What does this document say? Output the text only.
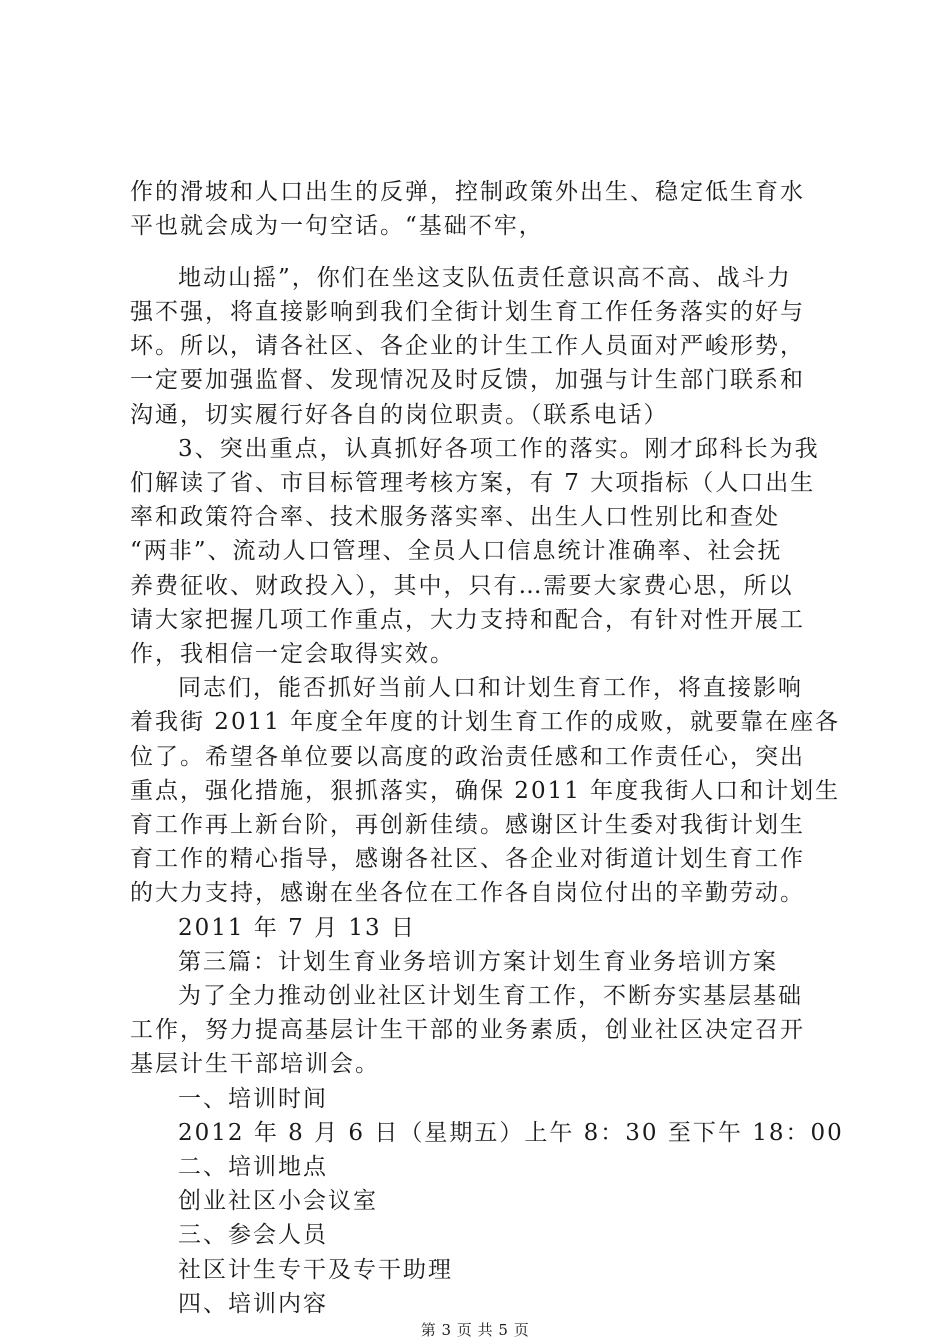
作的滑坡和人口出生的反弹，控制政策外出生、稳定低生育水
平也就会成为一句空话。“基础不牢，
地动山摇”，你们在坐这支队伍责任意识高不高、战斗力
强不强，将直接影响到我们全街计划生育工作任务落实的好与
坏。所以，请各社区、各企业的计生工作人员面对严峻形势，
一定要加强监督、发现情况及时反馈，加强与计生部门联系和
沟通，切实履行好各自的岗位职责。（联系电话）
3、突出重点，认真抓好各项工作的落实。刚才邱科长为我
们解读了省、市目标管理考核方案，有 7 大项指标（人口出生
率和政策符合率、技术服务落实率、出生人口性别比和查处
“两非”、流动人口管理、全员人口信息统计准确率、社会抚
养费征收、财政投入），其中，只有…需要大家费心思，所以
请大家把握几项工作重点，大力支持和配合，有针对性开展工
作，我相信一定会取得实效。
同志们，能否抓好当前人口和计划生育工作，将直接影响
着我街 2011 年度全年度的计划生育工作的成败，就要靠在座各
位了。希望各单位要以高度的政治责任感和工作责任心，突出
重点，强化措施，狠抓落实，确保 2011 年度我街人口和计划生
育工作再上新台阶，再创新佳绩。感谢区计生委对我街计划生
育工作的精心指导，感谢各社区、各企业对街道计划生育工作
的大力支持，感谢在坐各位在工作各自岗位付出的辛勤劳动。
2011 年 7 月 13 日
第三篇：计划生育业务培训方案计划生育业务培训方案
为了全力推动创业社区计划生育工作，不断夯实基层基础
工作，努力提高基层计生干部的业务素质，创业社区决定召开
基层计生干部培训会。
一、培训时间
2012 年 8 月 6 日（星期五）上午 8：30 至下午 18：00
二、培训地点
创业社区小会议室
三、参会人员
社区计生专干及专干助理
四、培训内容
第 3 页 共 5 页
